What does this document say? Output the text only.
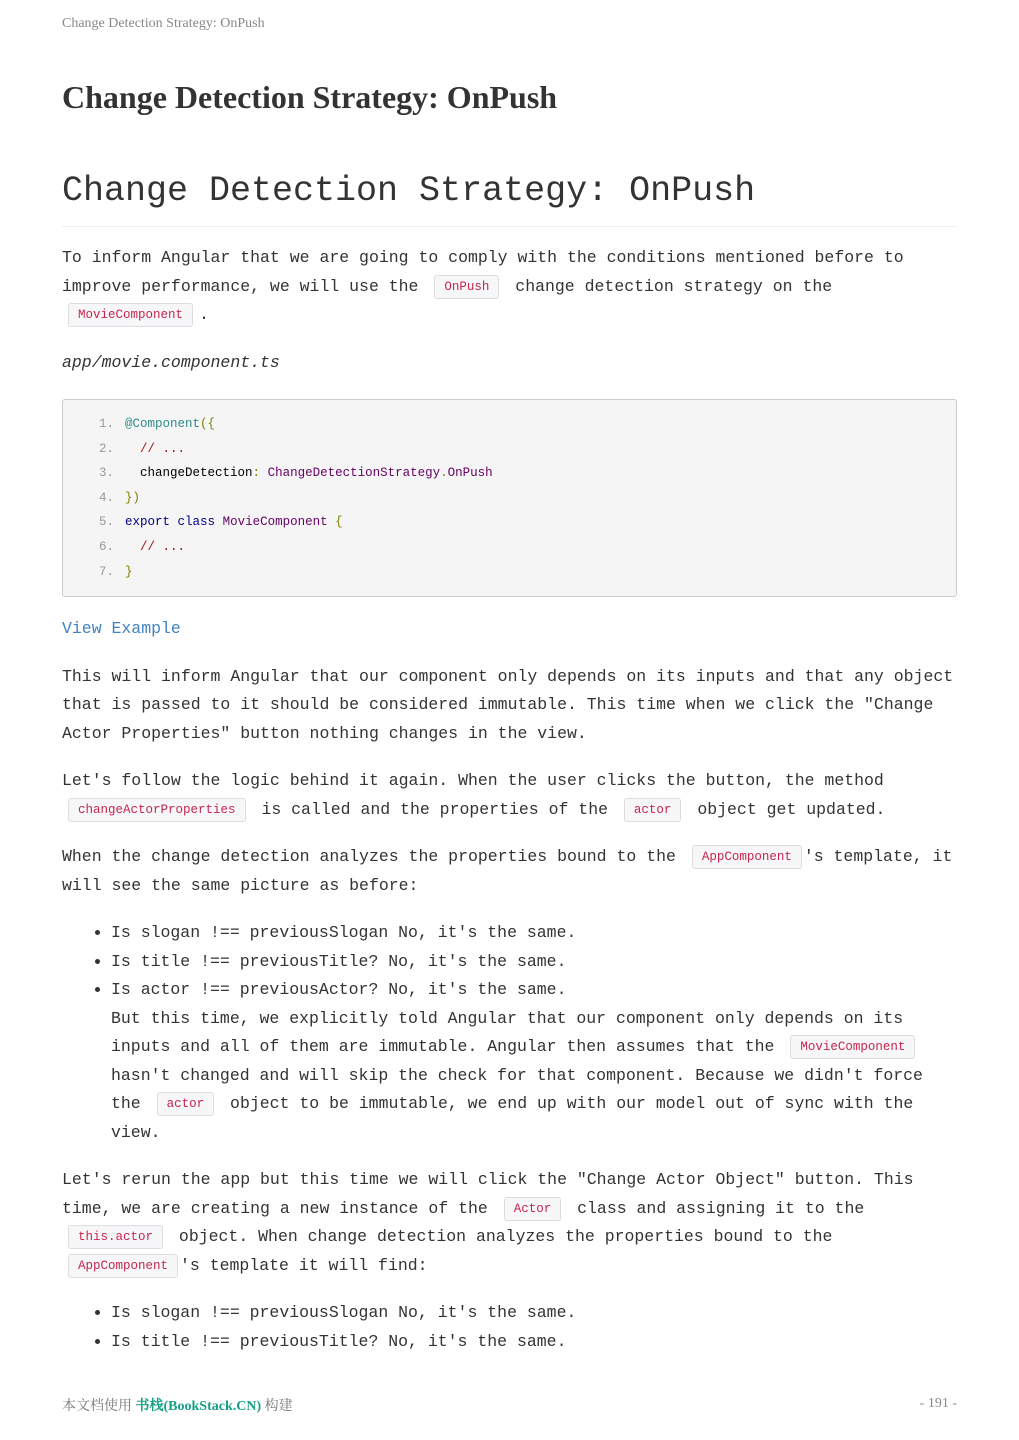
Change Detection Strategy: OnPush
Change Detection Strategy: OnPush
Change Detection Strategy: OnPush

To inform Angular that we are going to comply with the conditions mentioned before to improve performance, we will use the OnPush change detection strategy on the MovieComponent .

app/movie.component.ts

1. @Component({
2. // ...
3. changeDetection: ChangeDetectionStrategy.OnPush
4. })
5. export class MovieComponent {
6. // ...
7. }

View Example

This will inform Angular that our component only depends on its inputs and that any object that is passed to it should be considered immutable. This time when we click the "Change Actor Properties" button nothing changes in the view.

Let's follow the logic behind it again. When the user clicks the button, the method changeActorProperties is called and the properties of the actor object get updated.

When the change detection analyzes the properties bound to the AppComponent 's template, it will see the same picture as before:

• Is slogan !== previousSlogan No, it's the same.
• Is title !== previousTitle? No, it's the same.
• Is actor !== previousActor? No, it's the same.
But this time, we explicitly told Angular that our component only depends on its inputs and all of them are immutable. Angular then assumes that the MovieComponent hasn't changed and will skip the check for that component. Because we didn't force the actor object to be immutable, we end up with our model out of sync with the view.

Let's rerun the app but this time we will click the "Change Actor Object" button. This time, we are creating a new instance of the Actor class and assigning it to the this.actor object. When change detection analyzes the properties bound to the AppComponent 's template it will find:

• Is slogan !== previousSlogan No, it's the same.
• Is title !== previousTitle? No, it's the same.
本文档使用 书栈(BookStack.CN) 构建	- 191 -
